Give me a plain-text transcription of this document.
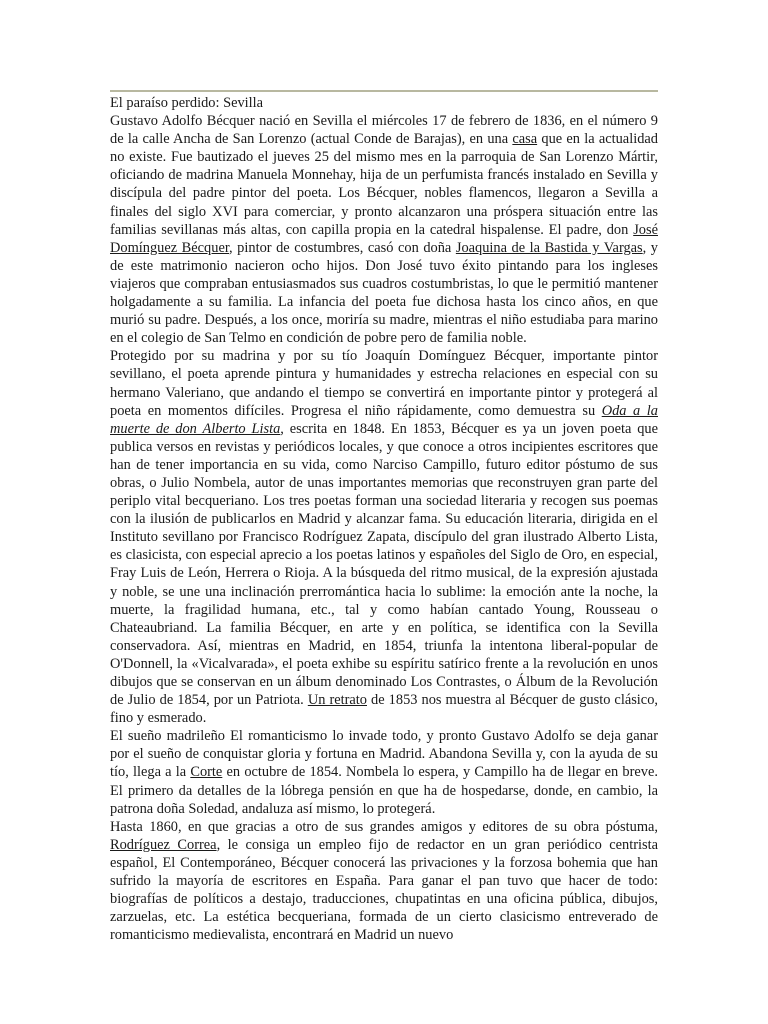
El paraíso perdido: Sevilla

Gustavo Adolfo Bécquer nació en Sevilla el miércoles 17 de febrero de 1836, en el número 9 de la calle Ancha de San Lorenzo (actual Conde de Barajas), en una casa que en la actualidad no existe. Fue bautizado el jueves 25 del mismo mes en la parroquia de San Lorenzo Mártir, oficiando de madrina Manuela Monnehay, hija de un perfumista francés instalado en Sevilla y discípula del padre pintor del poeta. Los Bécquer, nobles flamencos, llegaron a Sevilla a finales del siglo XVI para comerciar, y pronto alcanzaron una próspera situación entre las familias sevillanas más altas, con capilla propia en la catedral hispalense. El padre, don José Domínguez Bécquer, pintor de costumbres, casó con doña Joaquina de la Bastida y Vargas, y de este matrimonio nacieron ocho hijos. Don José tuvo éxito pintando para los ingleses viajeros que compraban entusiasmados sus cuadros costumbristas, lo que le permitió mantener holgadamente a su familia. La infancia del poeta fue dichosa hasta los cinco años, en que murió su padre. Después, a los once, moriría su madre, mientras el niño estudiaba para marino en el colegio de San Telmo en condición de pobre pero de familia noble.

Protegido por su madrina y por su tío Joaquín Domínguez Bécquer, importante pintor sevillano, el poeta aprende pintura y humanidades y estrecha relaciones en especial con su hermano Valeriano, que andando el tiempo se convertirá en importante pintor y protegerá al poeta en momentos difíciles. Progresa el niño rápidamente, como demuestra su Oda a la muerte de don Alberto Lista, escrita en 1848. En 1853, Bécquer es ya un joven poeta que publica versos en revistas y periódicos locales, y que conoce a otros incipientes escritores que han de tener importancia en su vida, como Narciso Campillo, futuro editor póstumo de sus obras, o Julio Nombela, autor de unas importantes memorias que reconstruyen gran parte del periplo vital becqueriano. Los tres poetas forman una sociedad literaria y recogen sus poemas con la ilusión de publicarlos en Madrid y alcanzar fama. Su educación literaria, dirigida en el Instituto sevillano por Francisco Rodríguez Zapata, discípulo del gran ilustrado Alberto Lista, es clasicista, con especial aprecio a los poetas latinos y españoles del Siglo de Oro, en especial, Fray Luis de León, Herrera o Rioja. A la búsqueda del ritmo musical, de la expresión ajustada y noble, se une una inclinación prerromántica hacia lo sublime: la emoción ante la noche, la muerte, la fragilidad humana, etc., tal y como habían cantado Young, Rousseau o Chateaubriand. La familia Bécquer, en arte y en política, se identifica con la Sevilla conservadora. Así, mientras en Madrid, en 1854, triunfa la intentona liberal-popular de O'Donnell, la «Vicalvarada», el poeta exhibe su espíritu satírico frente a la revolución en unos dibujos que se conservan en un álbum denominado Los Contrastes, o Álbum de la Revolución de Julio de 1854, por un Patriota. Un retrato de 1853 nos muestra al Bécquer de gusto clásico, fino y esmerado.

El sueño madrileño El romanticismo lo invade todo, y pronto Gustavo Adolfo se deja ganar por el sueño de conquistar gloria y fortuna en Madrid. Abandona Sevilla y, con la ayuda de su tío, llega a la Corte en octubre de 1854. Nombela lo espera, y Campillo ha de llegar en breve. El primero da detalles de la lóbrega pensión en que ha de hospedarse, donde, en cambio, la patrona doña Soledad, andaluza así mismo, lo protegerá.

Hasta 1860, en que gracias a otro de sus grandes amigos y editores de su obra póstuma, Rodríguez Correa, le consiga un empleo fijo de redactor en un gran periódico centrista español, El Contemporáneo, Bécquer conocerá las privaciones y la forzosa bohemia que han sufrido la mayoría de escritores en España. Para ganar el pan tuvo que hacer de todo: biografías de políticos a destajo, traducciones, chupatintas en una oficina pública, dibujos, zarzuelas, etc. La estética becqueriana, formada de un cierto clasicismo entreverado de romanticismo medievalista, encontrará en Madrid un nuevo
